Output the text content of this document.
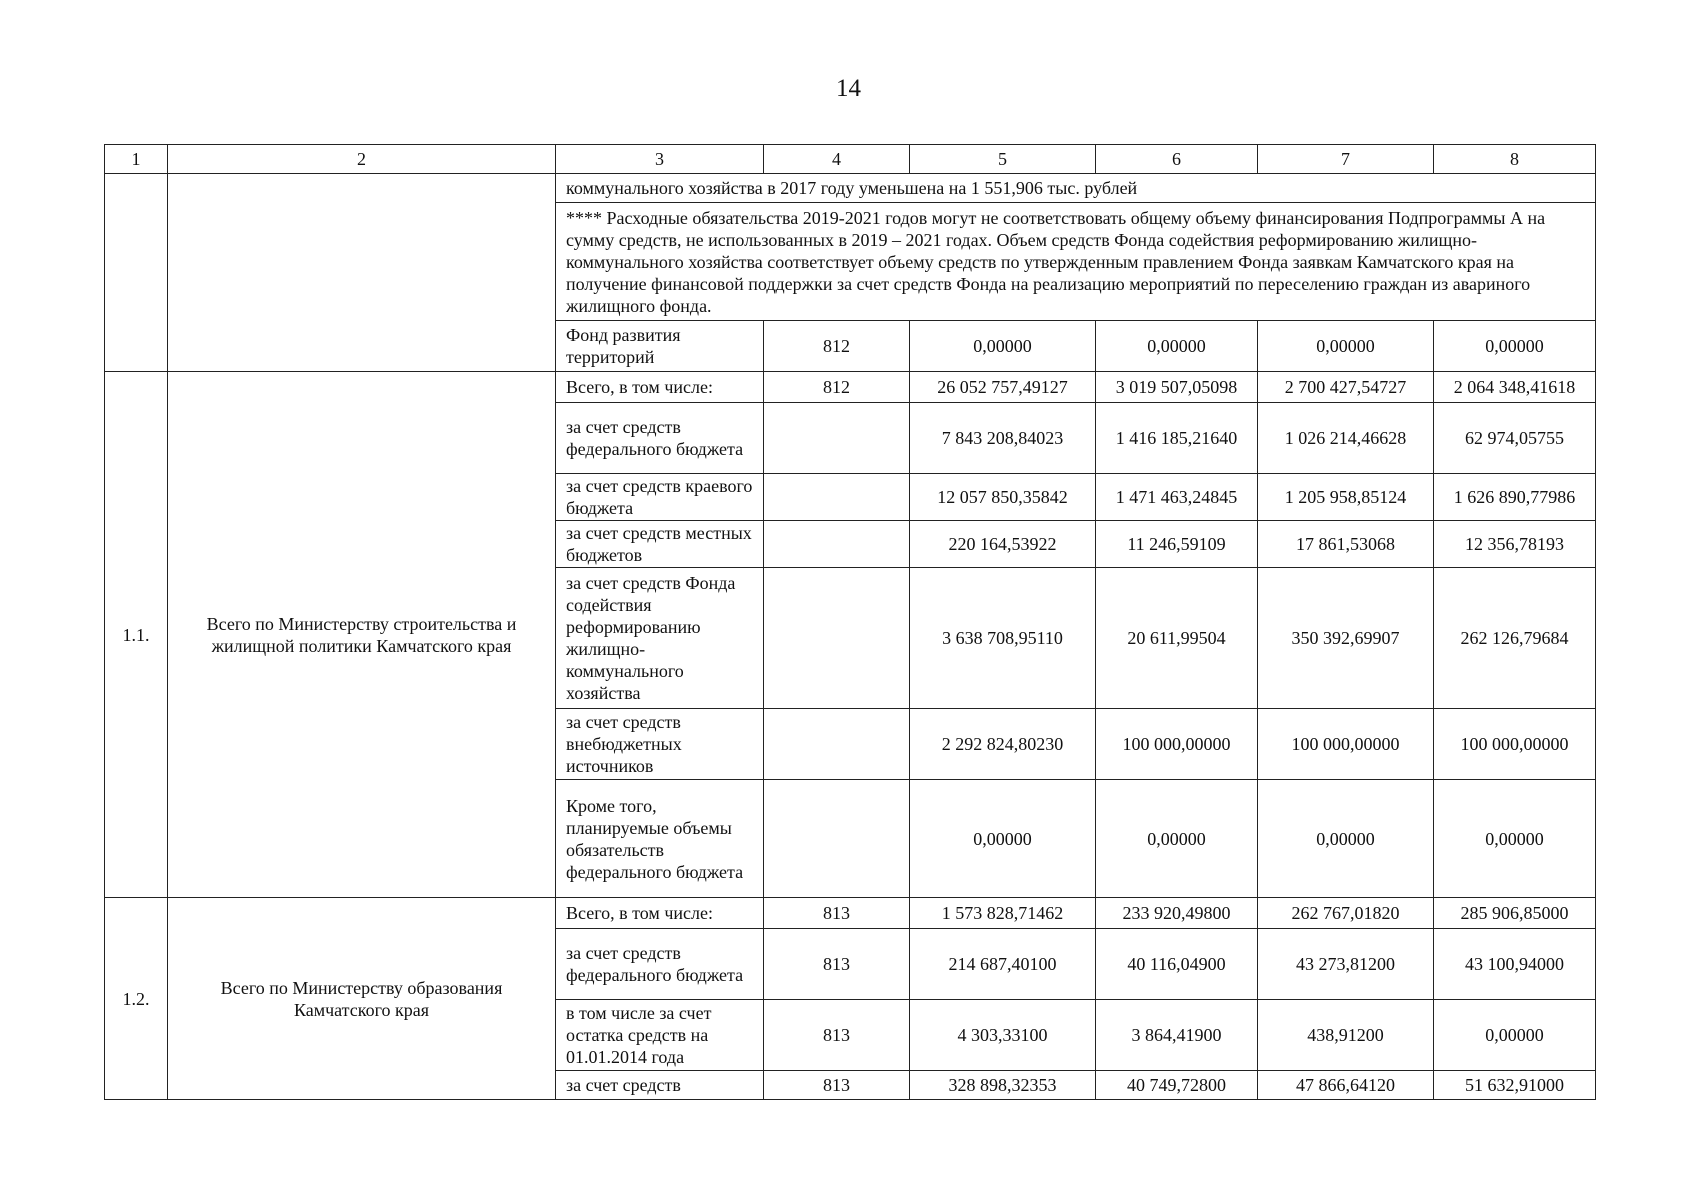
14
1	2	3	4	5	6	7	8
		коммунального хозяйства в 2017 году уменьшена на 1 551,906 тыс. рублей					
		**** Расходные обязательства 2019-2021 годов могут не соответствовать общему объему финансирования Подпрограммы А на сумму средств, не использованных в 2019 – 2021 годах. Объем средств Фонда содействия реформированию жилищно-коммунального хозяйства соответствует объему средств по утвержденным правлением Фонда заявкам Камчатского края на получение финансовой поддержки за счет средств Фонда на реализацию мероприятий по переселению граждан из авариного жилищного фонда.					
		Фонд развития территорий	812	0,00000	0,00000	0,00000	0,00000
1.1.	Всего по Министерству строительства и жилищной политики Камчатского края	Всего, в том числе:	812	26 052 757,49127	3 019 507,05098	2 700 427,54727	2 064 348,41618
		за счет средств федерального бюджета		7 843 208,84023	1 416 185,21640	1 026 214,46628	62 974,05755
		за счет средств краевого бюджета		12 057 850,35842	1 471 463,24845	1 205 958,85124	1 626 890,77986
		за счет средств местных бюджетов		220 164,53922	11 246,59109	17 861,53068	12 356,78193
		за счет средств Фонда содействия реформированию жилищно-коммунального хозяйства		3 638 708,95110	20 611,99504	350 392,69907	262 126,79684
		за счет средств внебюджетных источников		2 292 824,80230	100 000,00000	100 000,00000	100 000,00000
		Кроме того, планируемые объемы обязательств федерального бюджета		0,00000	0,00000	0,00000	0,00000
1.2.	Всего по Министерству образования Камчатского края	Всего, в том числе:	813	1 573 828,71462	233 920,49800	262 767,01820	285 906,85000
		за счет средств федерального бюджета	813	214 687,40100	40 116,04900	43 273,81200	43 100,94000
		в том числе за счет остатка средств на 01.01.2014 года	813	4 303,33100	3 864,41900	438,91200	0,00000
		за счет средств	813	328 898,32353	40 749,72800	47 866,64120	51 632,91000
